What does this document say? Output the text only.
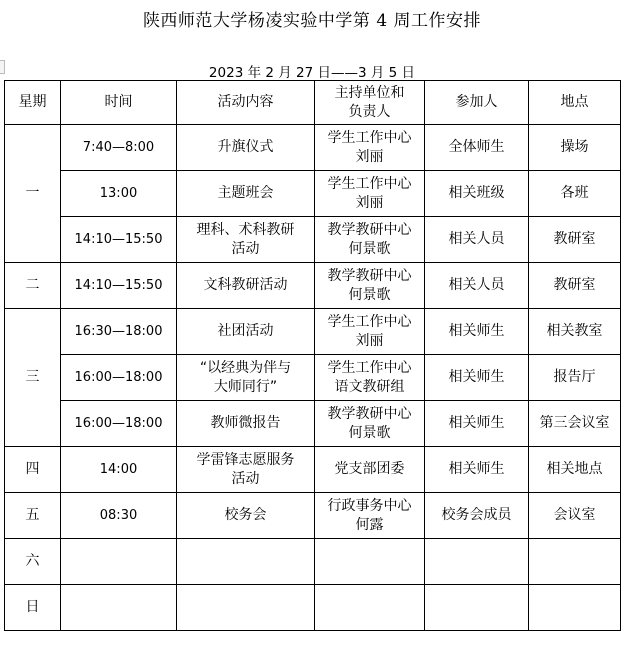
陕西师范大学杨凌实验中学第 4 周工作安排
2023 年 2 月 27 日——3 月 5 日
星期	时间	活动内容	主持单位和负责人	参加人	地点
一	7:40—8:00	升旗仪式	学生工作中心刘丽	全体师生	操场
	13:00	主题班会	学生工作中心刘丽	相关班级	各班
	14:10—15:50	理科、术科教研活动	教学教研中心何景歌	相关人员	教研室
二	14:10—15:50	文科教研活动	教学教研中心何景歌	相关人员	教研室
三	16:30—18:00	社团活动	学生工作中心刘丽	相关师生	相关教室
	16:00—18:00	“以经典为伴与大师同行”	学生工作中心语文教研组	相关师生	报告厅
	16:00—18:00	教师微报告	教学教研中心何景歌	相关师生	第三会议室
四	14:00	学雷锋志愿服务活动	党支部团委	相关师生	相关地点
五	08:30	校务会	行政事务中心何露	校务会成员	会议室
六		

日		
